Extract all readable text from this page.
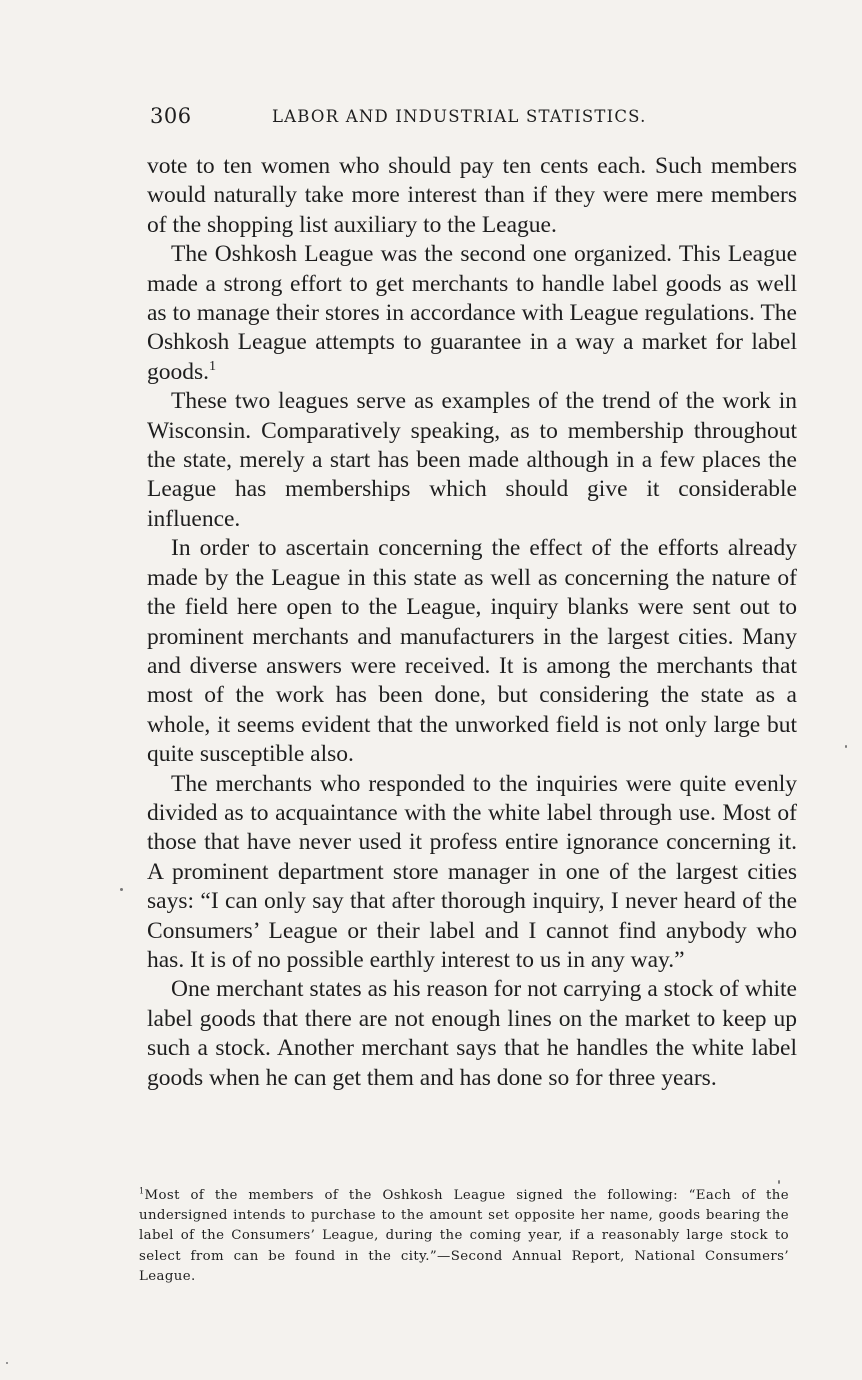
306	LABOR AND INDUSTRIAL STATISTICS.

vote to ten women who should pay ten cents each. Such members would naturally take more interest than if they were mere members of the shopping list auxiliary to the League.

The Oshkosh League was the second one organized. This League made a strong effort to get merchants to handle label goods as well as to manage their stores in accordance with League regulations. The Oshkosh League attempts to guarantee in a way a market for label goods.$^1$

These two leagues serve as examples of the trend of the work in Wisconsin. Comparatively speaking, as to membership throughout the state, merely a start has been made although in a few places the League has memberships which should give it considerable influence.

In order to ascertain concerning the effect of the efforts already made by the League in this state as well as concerning the nature of the field here open to the League, inquiry blanks were sent out to prominent merchants and manufacturers in the largest cities. Many and diverse answers were received. It is among the merchants that most of the work has been done, but considering the state as a whole, it seems evident that the unworked field is not only large but quite susceptible also.

The merchants who responded to the inquiries were quite evenly divided as to acquaintance with the white label through use. Most of those that have never used it profess entire ignorance concerning it. A prominent department store manager in one of the largest cities says: “I can only say that after thorough inquiry, I never heard of the Consumers’ League or their label and I cannot find anybody who has. It is of no possible earthly interest to us in any way.”

One merchant states as his reason for not carrying a stock of white label goods that there are not enough lines on the market to keep up such a stock. Another merchant says that he handles the white label goods when he can get them and has done so for three years.

$^1$Most of the members of the Oshkosh League signed the following: “Each of the undersigned intends to purchase to the amount set opposite her name, goods bearing the label of the Consumers’ League, during the coming year, if a reasonably large stock to select from can be found in the city.”—Second Annual Report, National Consumers’ League.
